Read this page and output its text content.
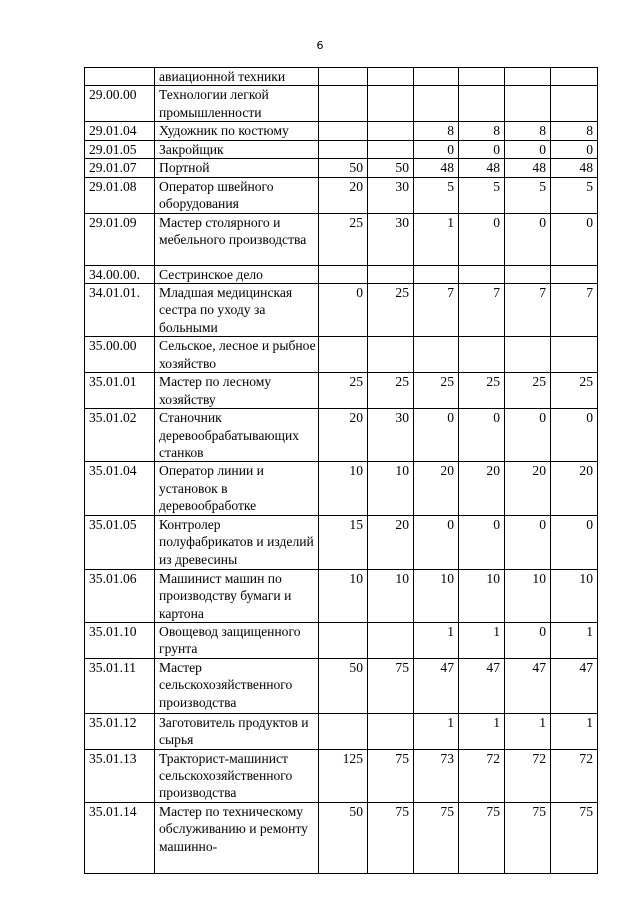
6
	авиационной техники						
29.00.00	Технологии легкой промышленности						
29.01.04	Художник по костюму			8	8	8	8
29.01.05	Закройщик			0	0	0	0
29.01.07	Портной	50	50	48	48	48	48
29.01.08	Оператор швейного оборудования	20	30	5	5	5	5
29.01.09	Мастер столярного и мебельного производства	25	30	1	0	0	0
34.00.00.	Сестринское дело						
34.01.01.	Младшая медицинская сестра по уходу за больными	0	25	7	7	7	7
35.00.00	Сельское, лесное и рыбное хозяйство						
35.01.01	Мастер по лесному хозяйству	25	25	25	25	25	25
35.01.02	Станочник деревообрабатывающих станков	20	30	0	0	0	0
35.01.04	Оператор линии и установок в деревообработке	10	10	20	20	20	20
35.01.05	Контролер полуфабрикатов и изделий из древесины	15	20	0	0	0	0
35.01.06	Машинист машин по производству бумаги и картона	10	10	10	10	10	10
35.01.10	Овощевод защищенного грунта			1	1	0	1
35.01.11	Мастер сельскохозяйственного производства	50	75	47	47	47	47
35.01.12	Заготовитель продуктов и сырья			1	1	1	1
35.01.13	Тракторист-машинист сельскохозяйственного производства	125	75	73	72	72	72
35.01.14	Мастер по техническому обслуживанию и ремонту машинно-	50	75	75	75	75	75
